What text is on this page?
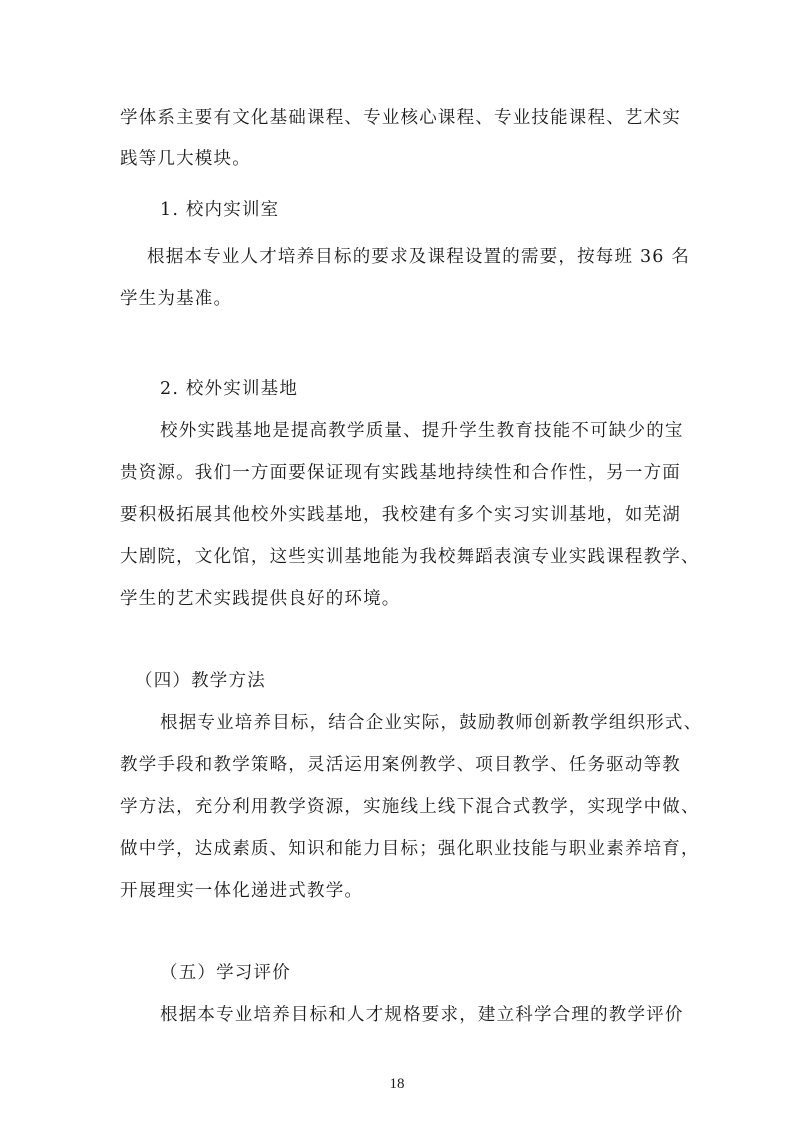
学体系主要有文化基础课程、专业核心课程、专业技能课程、艺术实
践等几大模块。
1. 校内实训室
根据本专业人才培养目标的要求及课程设置的需要，按每班 36 名
学生为基准。
2. 校外实训基地
校外实践基地是提高教学质量、提升学生教育技能不可缺少的宝
贵资源。我们一方面要保证现有实践基地持续性和合作性，另一方面
要积极拓展其他校外实践基地，我校建有多个实习实训基地，如芜湖
大剧院，文化馆，这些实训基地能为我校舞蹈表演专业实践课程教学、
学生的艺术实践提供良好的环境。
（四）教学方法
根据专业培养目标，结合企业实际，鼓励教师创新教学组织形式、
教学手段和教学策略，灵活运用案例教学、项目教学、任务驱动等教
学方法，充分利用教学资源，实施线上线下混合式教学，实现学中做、
做中学，达成素质、知识和能力目标；强化职业技能与职业素养培育，
开展理实一体化递进式教学。
（五）学习评价
根据本专业培养目标和人才规格要求，建立科学合理的教学评价
18
